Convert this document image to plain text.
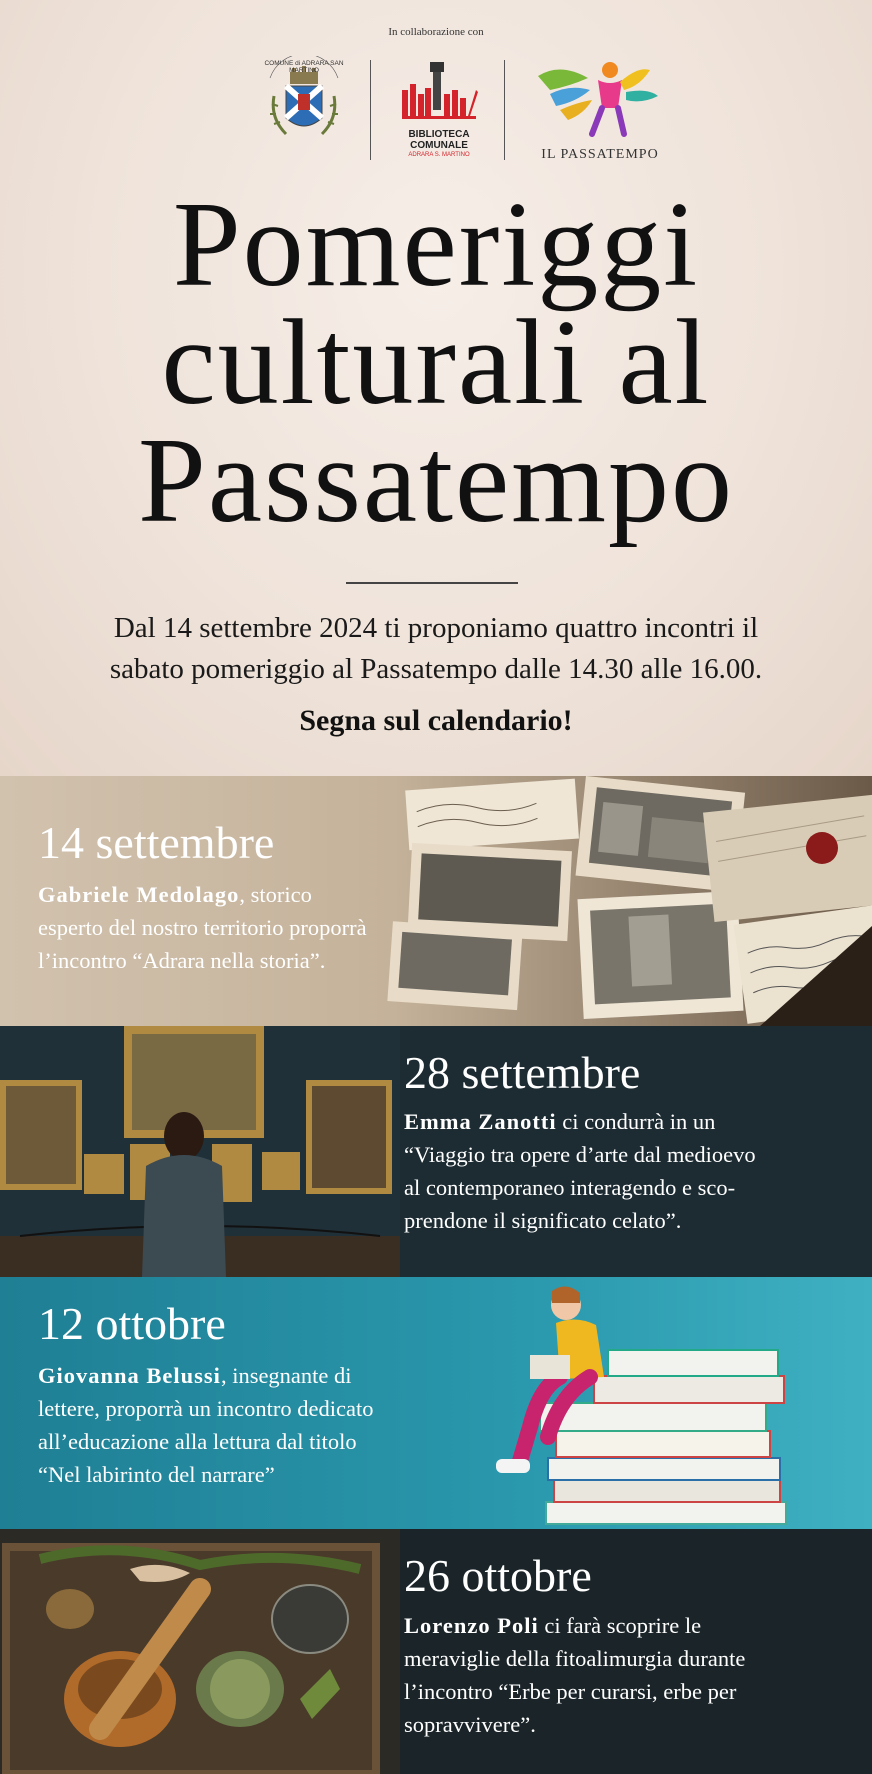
In collaborazione con
COMUNE di ADRARA SAN MARTINO
BIBLIOTECA
COMUNALE
ADRARA S. MARTINO	IL PASSATEMPO
Pomeriggi
culturali al
Passatempo
Dal 14 settembre 2024 ti proponiamo quattro incontri il
sabato pomeriggio al Passatempo dalle 14.30 alle 16.00.
Segna sul calendario!
14 settembre
Gabriele Medolago, storico
esperto del nostro territorio proporrà
l’incontro “Adrara nella storia”.
28 settembre
Emma Zanotti ci condurrà in un
“Viaggio tra opere d’arte dal medioevo
al contemporaneo interagendo e sco-
prendone il significato celato”.
12 ottobre
Giovanna Belussi, insegnante di
lettere, proporrà un incontro dedicato
all’educazione alla lettura dal titolo
“Nel labirinto del narrare”
26 ottobre
Lorenzo Poli ci farà scoprire le
meraviglie della fitoalimurgia durante
l’incontro “Erbe per curarsi, erbe per
sopravvivere”.
